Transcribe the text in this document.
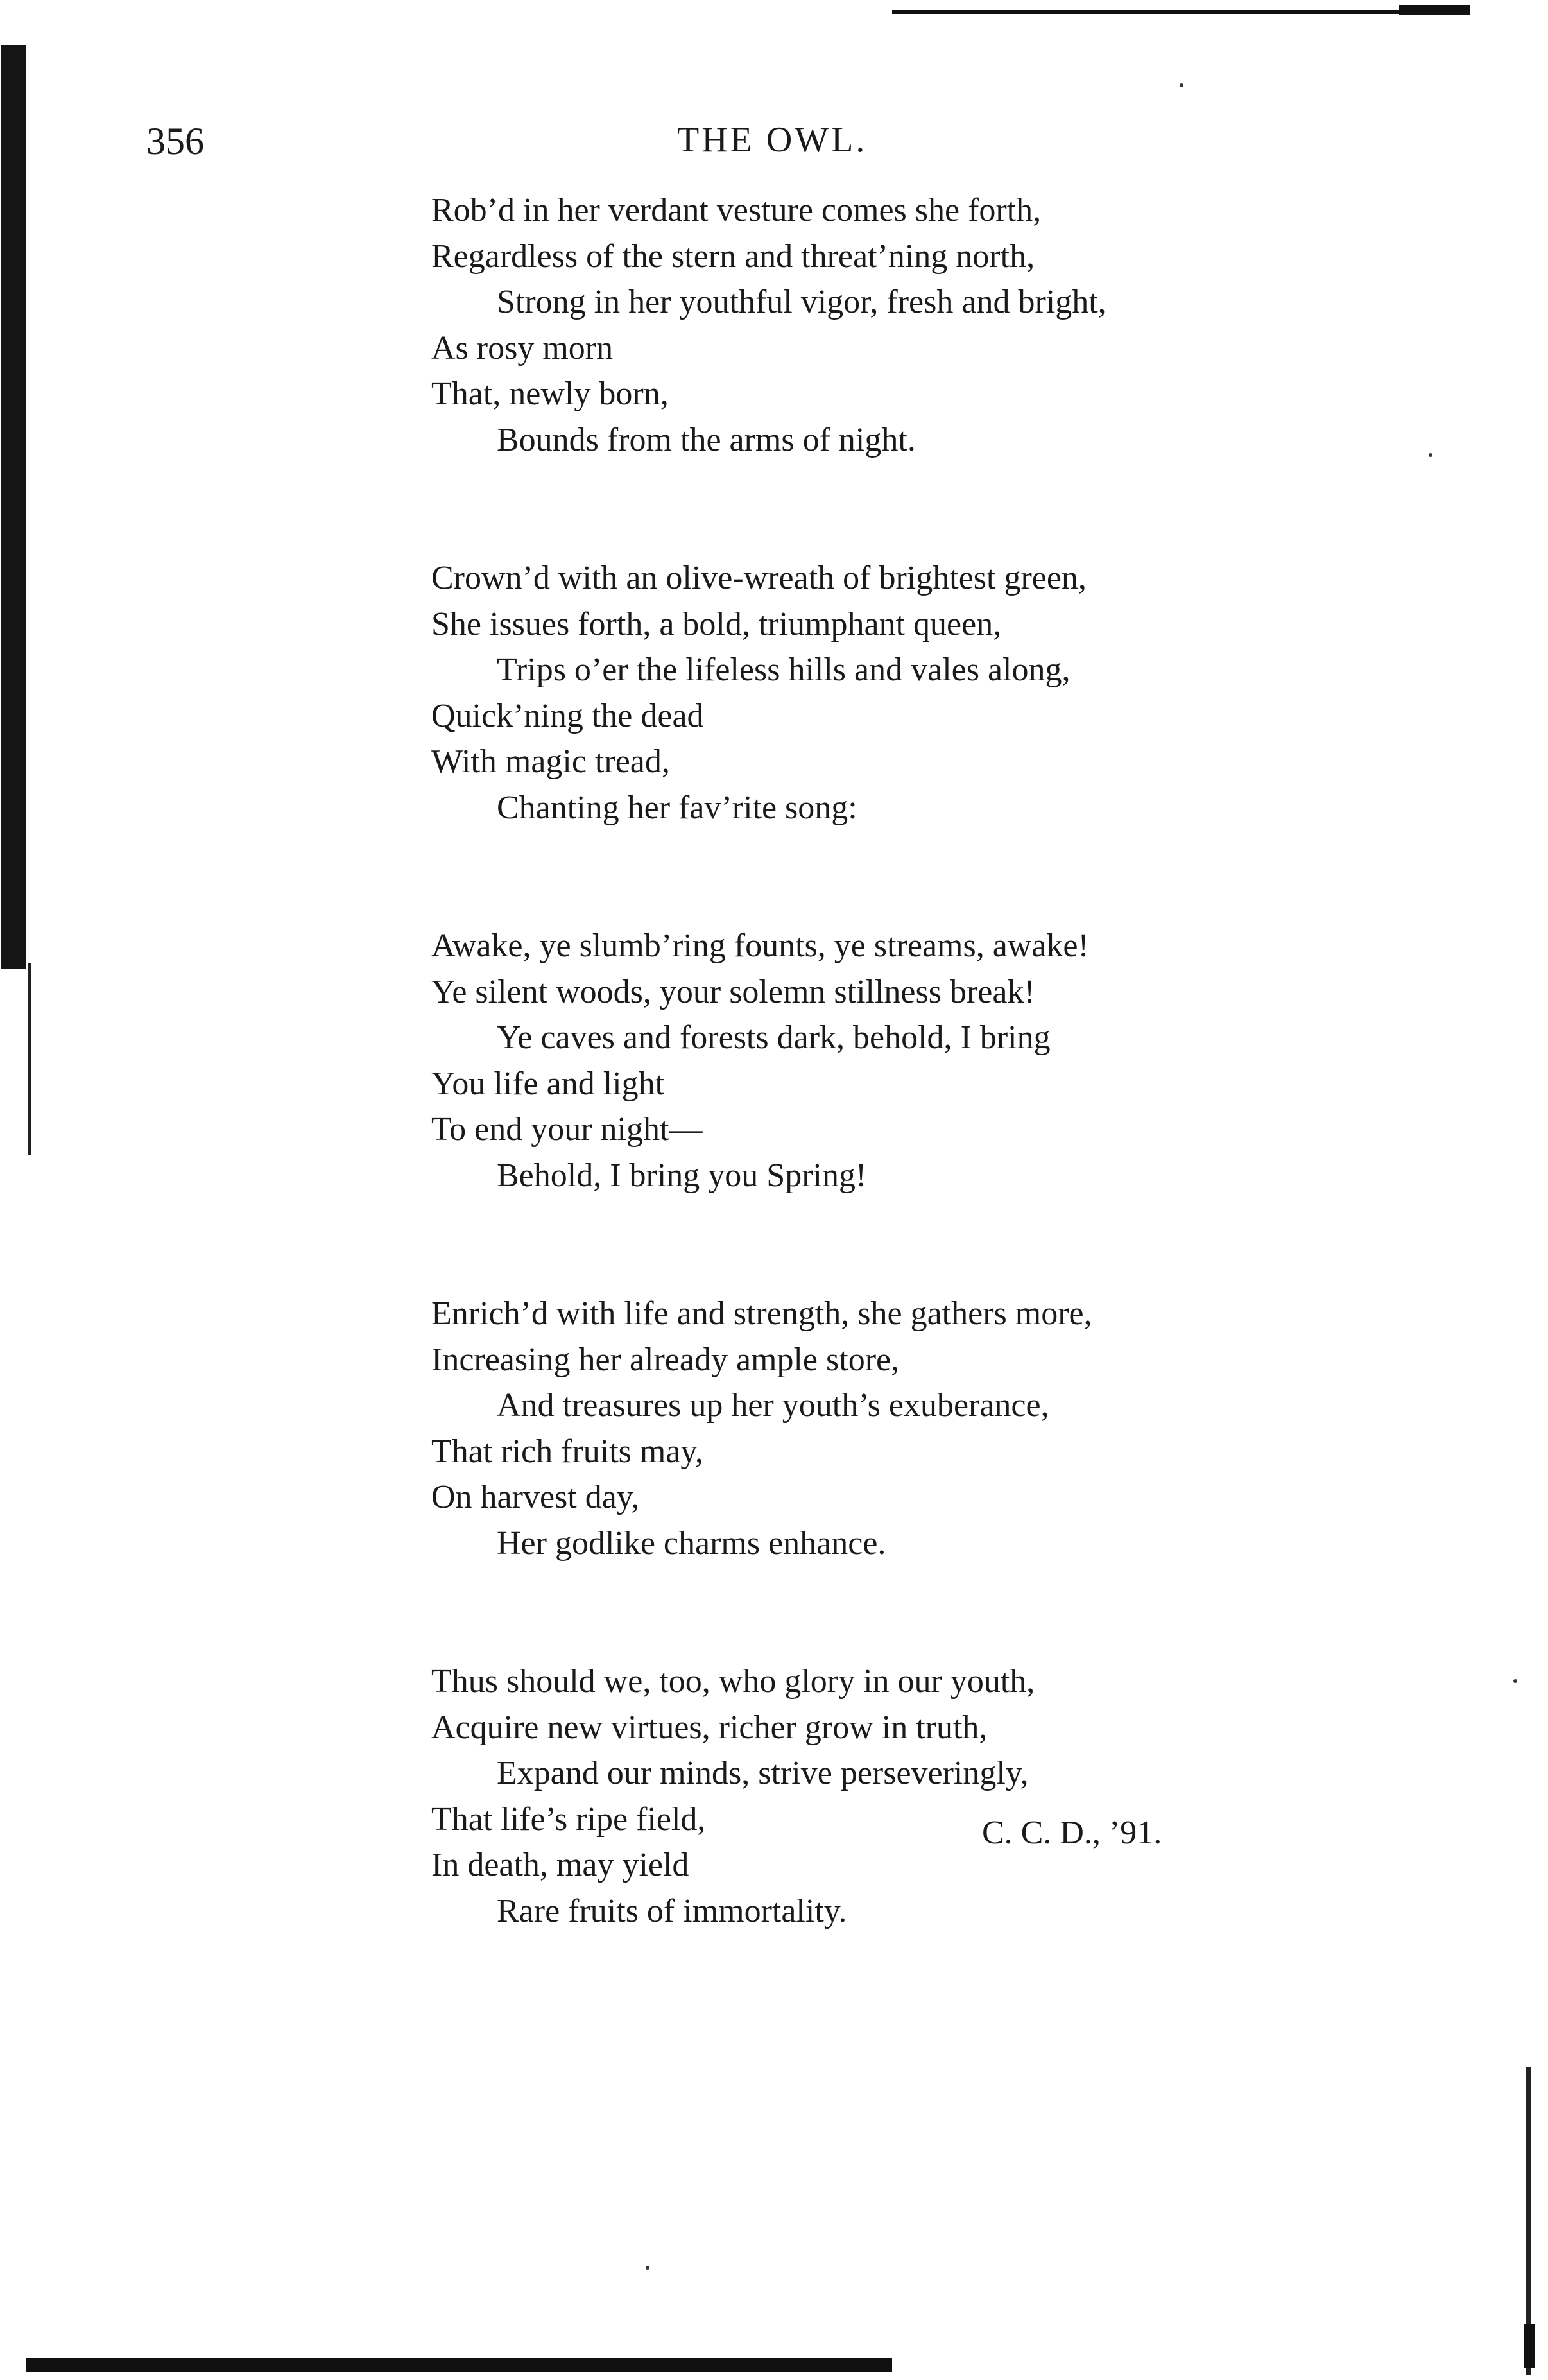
356	THE OWL.
Rob’d in her verdant vesture comes she forth,
Regardless of the stern and threat’ning north,
Strong in her youthful vigor, fresh and bright,
As rosy morn
That, newly born,
Bounds from the arms of night.
Crown’d with an olive-wreath of brightest green,
She issues forth, a bold, triumphant queen,
Trips o’er the lifeless hills and vales along,
Quick’ning the dead
With magic tread,
Chanting her fav’rite song:
Awake, ye slumb’ring founts, ye streams, awake!
Ye silent woods, your solemn stillness break!
Ye caves and forests dark, behold, I bring
You life and light
To end your night—
Behold, I bring you Spring!
Enrich’d with life and strength, she gathers more,
Increasing her already ample store,
And treasures up her youth’s exuberance,
That rich fruits may,
On harvest day,
Her godlike charms enhance.
Thus should we, too, who glory in our youth,
Acquire new virtues, richer grow in truth,
Expand our minds, strive perseveringly,
That life’s ripe field,
In death, may yield
Rare fruits of immortality.
C. C. D., ’91.
